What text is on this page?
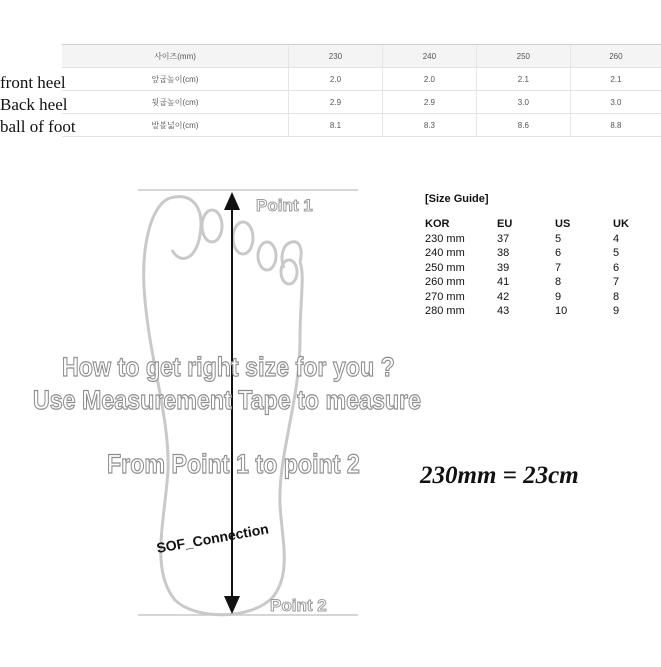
사이즈(mm)	230	240	250	260
앞굽높이(cm)	2.0	2.0	2.1	2.1
뒷굽높이(cm)	2.9	2.9	3.0	3.0
발볼넓이(cm)	8.1	8.3	8.6	8.8
front heel
Back heel
ball of foot
Point 1
Point 2
How to get right size for you ?
Use Measurement Tape to measure
From Point 1 to point 2
SOF_Connection
230mm = 23cm
[Size Guide]
KOR	EU	US	UK
230 mm	37	5	4
240 mm	38	6	5
250 mm	39	7	6
260 mm	41	8	7
270 mm	42	9	8
280 mm	43	10	9
